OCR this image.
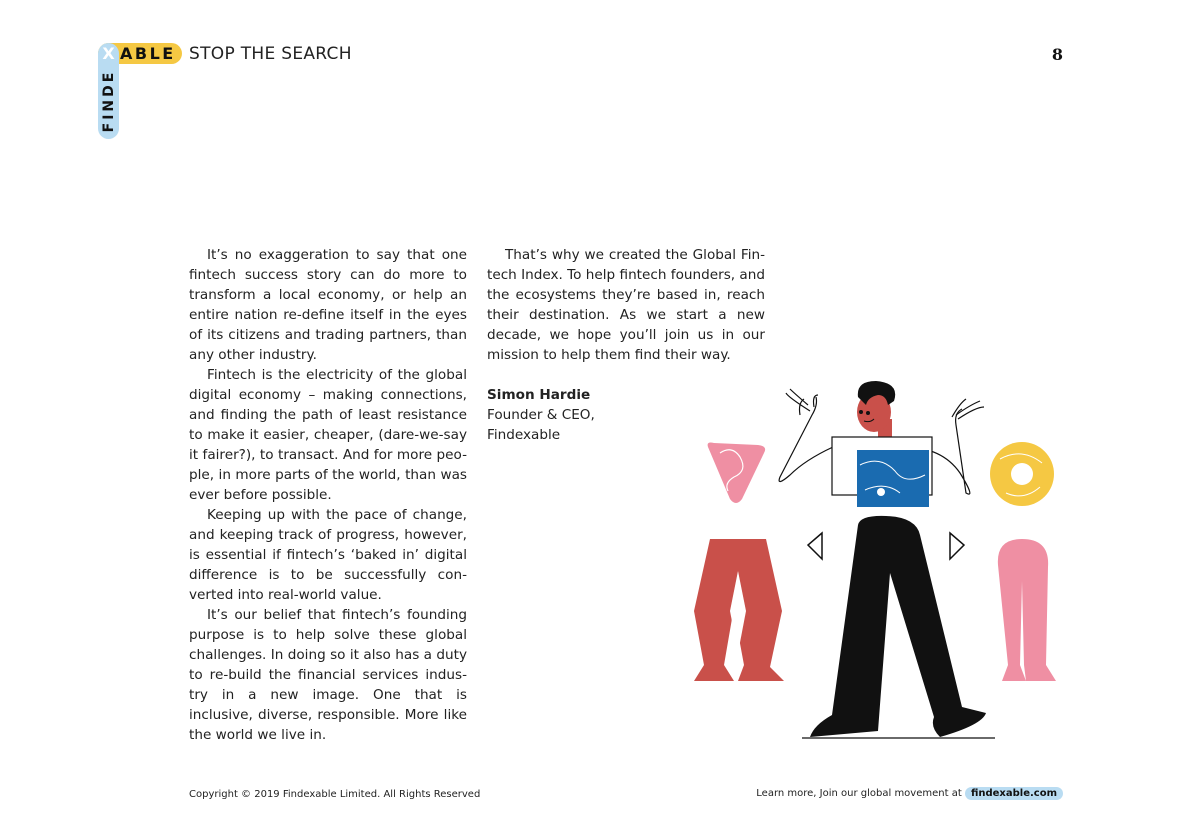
X ABLE
FINDE
STOP THE SEARCH	8

It’s no exaggeration to say that one fintech success story can do more to transform a local economy, or help an entire nation re-define itself in the eyes of its citizens and trading partners, than any other industry.

Fintech is the electricity of the global digital economy – making connections, and finding the path of least resistance to make it easier, cheaper, (dare-we-say it fairer?), to transact. And for more peo-ple, in more parts of the world, than was ever before possible.

Keeping up with the pace of change, and keeping track of progress, however, is essential if fintech’s ‘baked in’ digital difference is to be successfully con-verted into real-world value.

It’s our belief that fintech’s founding purpose is to help solve these global challenges. In doing so it also has a duty to re-build the financial services indus-try in a new image. One that is inclusive, diverse, responsible. More like the world we live in.

That’s why we created the Global Fin-tech Index. To help fintech founders, and the ecosystems they’re based in, reach their destination. As we start a new decade, we hope you’ll join us in our mission to help them find their way.

Simon Hardie
Founder & CEO,
Findexable
Copyright © 2019 Findexable Limited. All Rights Reserved	Learn more, Join our global movement at findexable.com
